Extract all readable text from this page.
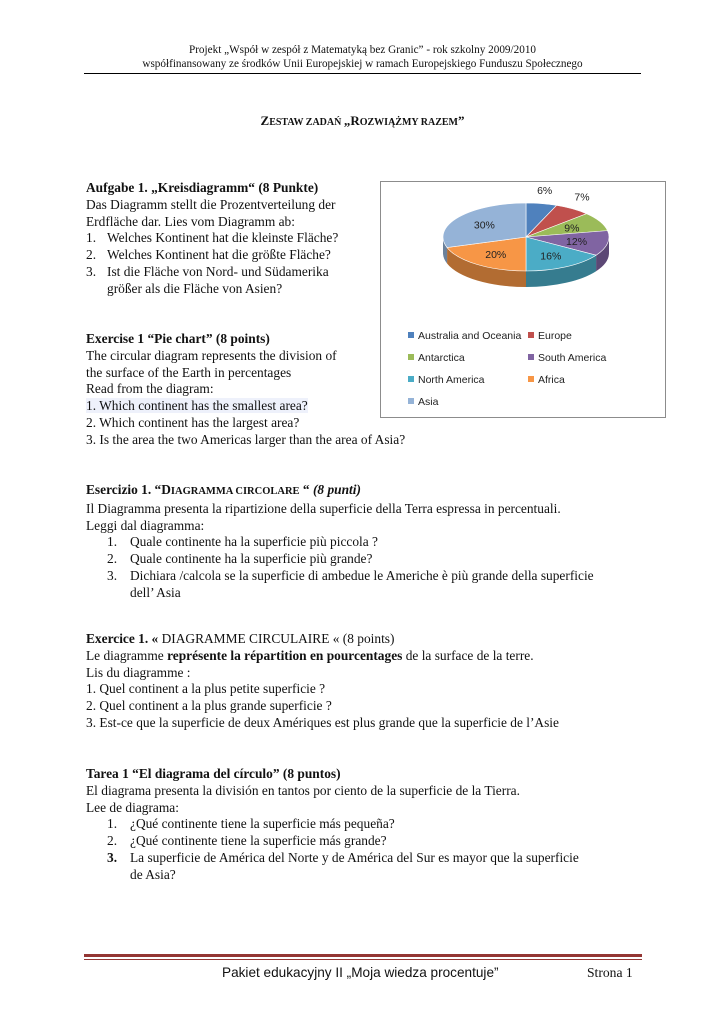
Projekt „Współ w zespół z Matematyką bez Granic” - rok szkolny 2009/2010
współfinansowany ze środków Unii Europejskiej w ramach Europejskiego Funduszu Społecznego
ZESTAW ZADAŃ „ROZWIĄŻMY RAZEM”

Aufgabe 1. „Kreisdiagramm“ (8 Punkte)

Das Diagramm stellt die Prozentverteilung der

Erdfläche dar. Lies vom Diagramm ab:

1. Welches Kontinent hat die kleinste Fläche?

2. Welches Kontinent hat die größte Fläche?

3. Ist die Fläche von Nord- und Südamerika

größer als die Fläche von Asien?

6%
7%
9%
12%
16%
20%
30%
Australia and Oceania	Europe
Antarctica	South America
North America	Africa
Asia

Exercise 1 “Pie chart” (8 points)

The circular diagram represents the division of

the surface of the Earth in percentages

Read from the diagram:

1. Which continent has the smallest area?

2. Which continent has the largest area?

3. Is the area the two Americas larger than the area of Asia?

Esercizio 1. “DIAGRAMMA CIRCOLARE “ (8 punti)

Il Diagramma presenta la ripartizione della superficie della Terra espressa in percentuali.

Leggi dal diagramma:

1. Quale continente ha la superficie più piccola ?

2. Quale continente ha la superficie più grande?

3. Dichiara /calcola se la superficie di ambedue le Americhe è più grande della superficie

dell’ Asia

Exercice 1. « DIAGRAMME CIRCULAIRE « (8 points)

Le diagramme représente la répartition en pourcentages de la surface de la terre.

Lis du diagramme :

1. Quel continent a la plus petite superficie ?

2. Quel continent a la plus grande superficie ?

3. Est-ce que la superficie de deux Amériques est plus grande que la superficie de l’Asie

Tarea 1 “El diagrama del círculo” (8 puntos)

El diagrama presenta la división en tantos por ciento de la superficie de la Tierra.

Lee de diagrama:

1. ¿Qué continente tiene la superficie más pequeña?

2. ¿Qué continente tiene la superficie más grande?

3. La superficie de América del Norte y de América del Sur es mayor que la superficie

de Asia?

Pakiet edukacyjny II „Moja wiedza procentuje”	Strona 1
